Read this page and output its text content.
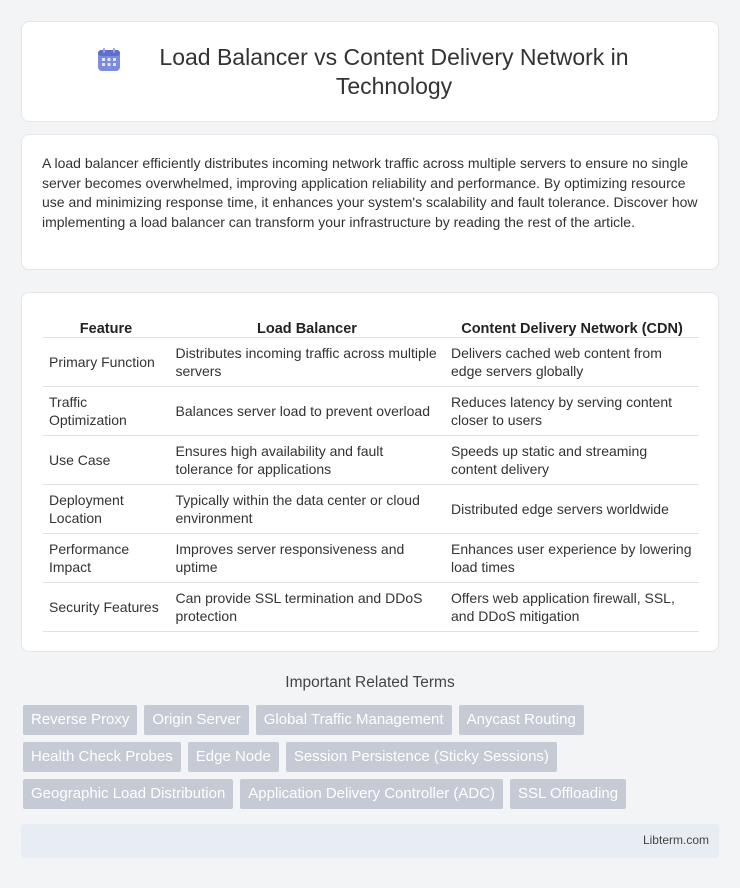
Load Balancer vs Content Delivery Network in Technology

A load balancer efficiently distributes incoming network traffic across multiple servers to ensure no single server becomes overwhelmed, improving application reliability and performance. By optimizing resource use and minimizing response time, it enhances your system's scalability and fault tolerance. Discover how implementing a load balancer can transform your infrastructure by reading the rest of the article.

Feature	Load Balancer	Content Delivery Network (CDN)
Primary Function	Distributes incoming traffic across multiple servers	Delivers cached web content from edge servers globally
Traffic Optimization	Balances server load to prevent overload	Reduces latency by serving content closer to users
Use Case	Ensures high availability and fault tolerance for applications	Speeds up static and streaming content delivery
Deployment Location	Typically within the data center or cloud environment	Distributed edge servers worldwide
Performance Impact	Improves server responsiveness and uptime	Enhances user experience by lowering load times
Security Features	Can provide SSL termination and DDoS protection	Offers web application firewall, SSL, and DDoS mitigation
Important Related Terms
Reverse Proxy	Origin Server	Global Traffic Management	Anycast Routing
Health Check Probes	Edge Node	Session Persistence (Sticky Sessions)
Geographic Load Distribution	Application Delivery Controller (ADC)	SSL Offloading
Libterm.com
